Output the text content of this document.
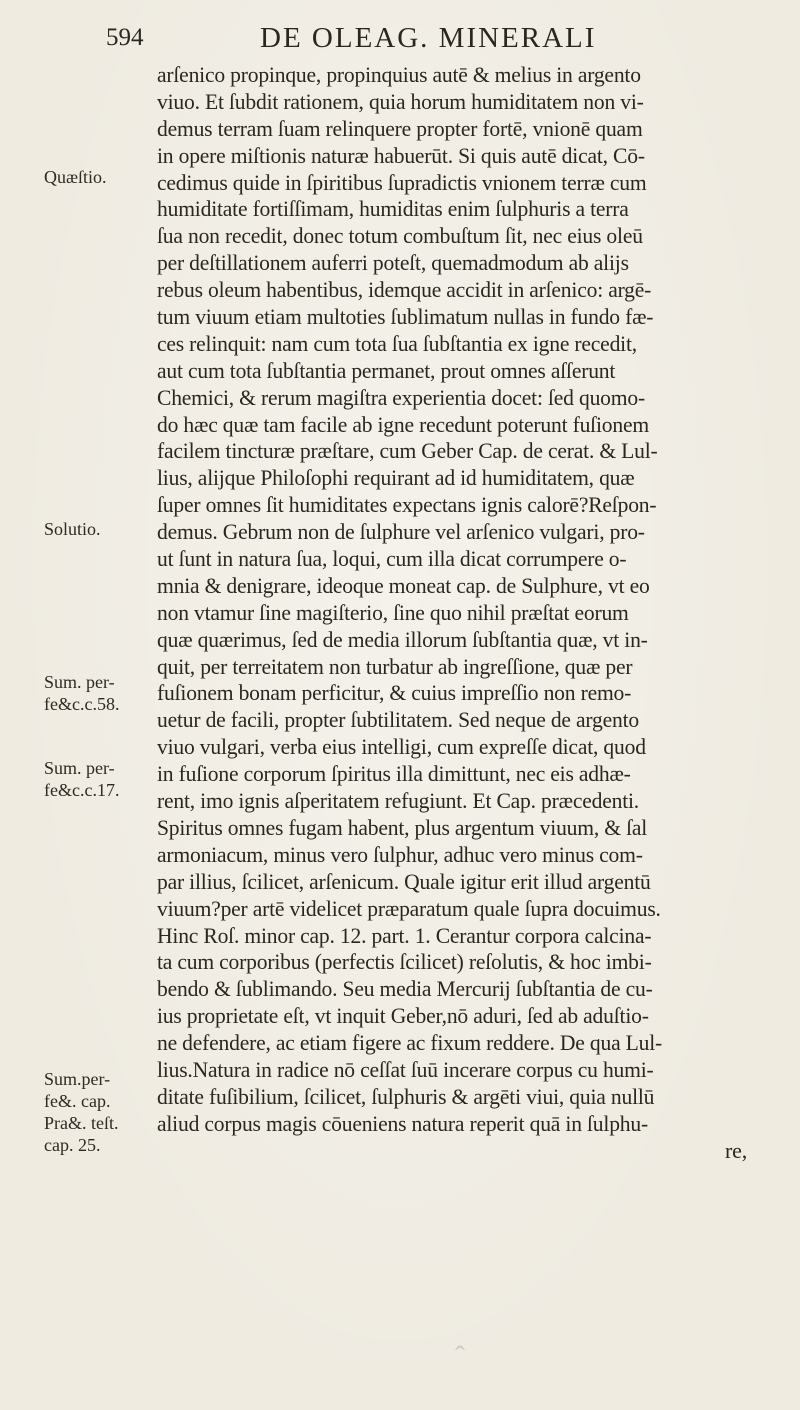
594	DE OLEAG. MINERALI
Quæſtio.
Solutio.
Sum. per-
fe&c.c.58.
Sum. per-
fe&c.c.17.
Sum.per-
fe&. cap.
Pra&. teſt.
cap. 25.
arſenico propinque, propinquius autē & melius in argento
viuo. Et ſubdit rationem, quia horum humiditatem non vi-
demus terram ſuam relinquere propter fortē, vnionē quam
in opere miſtionis naturæ habuerūt. Si quis autē dicat, Cō-
cedimus quide in ſpiritibus ſupradictis vnionem terræ cum
humiditate fortiſſimam, humiditas enim ſulphuris a terra
ſua non recedit, donec totum combuſtum ſit, nec eius oleū
per deſtillationem auferri poteſt, quemadmodum ab alijs
rebus oleum habentibus, idemque accidit in arſenico: argē-
tum viuum etiam multoties ſublimatum nullas in fundo fæ-
ces relinquit: nam cum tota ſua ſubſtantia ex igne recedit,
aut cum tota ſubſtantia permanet, prout omnes aſſerunt
Chemici, & rerum magiſtra experientia docet: ſed quomo-
do hæc quæ tam facile ab igne recedunt poterunt fuſionem
facilem tincturæ præſtare, cum Geber Cap. de cerat. & Lul-
lius, alijque Philoſophi requirant ad id humiditatem, quæ
ſuper omnes ſit humiditates expectans ignis calorē?Reſpon-
demus. Gebrum non de ſulphure vel arſenico vulgari, pro-
ut ſunt in natura ſua, loqui, cum illa dicat corrumpere o-
mnia & denigrare, ideoque moneat cap. de Sulphure, vt eo
non vtamur ſine magiſterio, ſine quo nihil præſtat eorum
quæ quærimus, ſed de media illorum ſubſtantia quæ, vt in-
quit, per terreitatem non turbatur ab ingreſſione, quæ per
fuſionem bonam perficitur, & cuius impreſſio non remo-
uetur de facili, propter ſubtilitatem. Sed neque de argento
viuo vulgari, verba eius intelligi, cum expreſſe dicat, quod
in fuſione corporum ſpiritus illa dimittunt, nec eis adhæ-
rent, imo ignis aſperitatem refugiunt. Et Cap. præcedenti.
Spiritus omnes fugam habent, plus argentum viuum, & ſal
armoniacum, minus vero ſulphur, adhuc vero minus com-
par illius, ſcilicet, arſenicum. Quale igitur erit illud argentū
viuum?per artē videlicet præparatum quale ſupra docuimus.
Hinc Roſ. minor cap. 12. part. 1. Cerantur corpora calcina-
ta cum corporibus (perfectis ſcilicet) reſolutis, & hoc imbi-
bendo & ſublimando. Seu media Mercurij ſubſtantia de cu-
ius proprietate eſt, vt inquit Geber,nō aduri, ſed ab aduſtio-
ne defendere, ac etiam figere ac fixum reddere. De qua Lul-
lius.Natura in radice nō ceſſat ſuū incerare corpus cu humi-
ditate fuſibilium, ſcilicet, ſulphuris & argēti viui, quia nullū
aliud corpus magis cōueniens natura reperit quā in ſulphu-
re,
ˆ
